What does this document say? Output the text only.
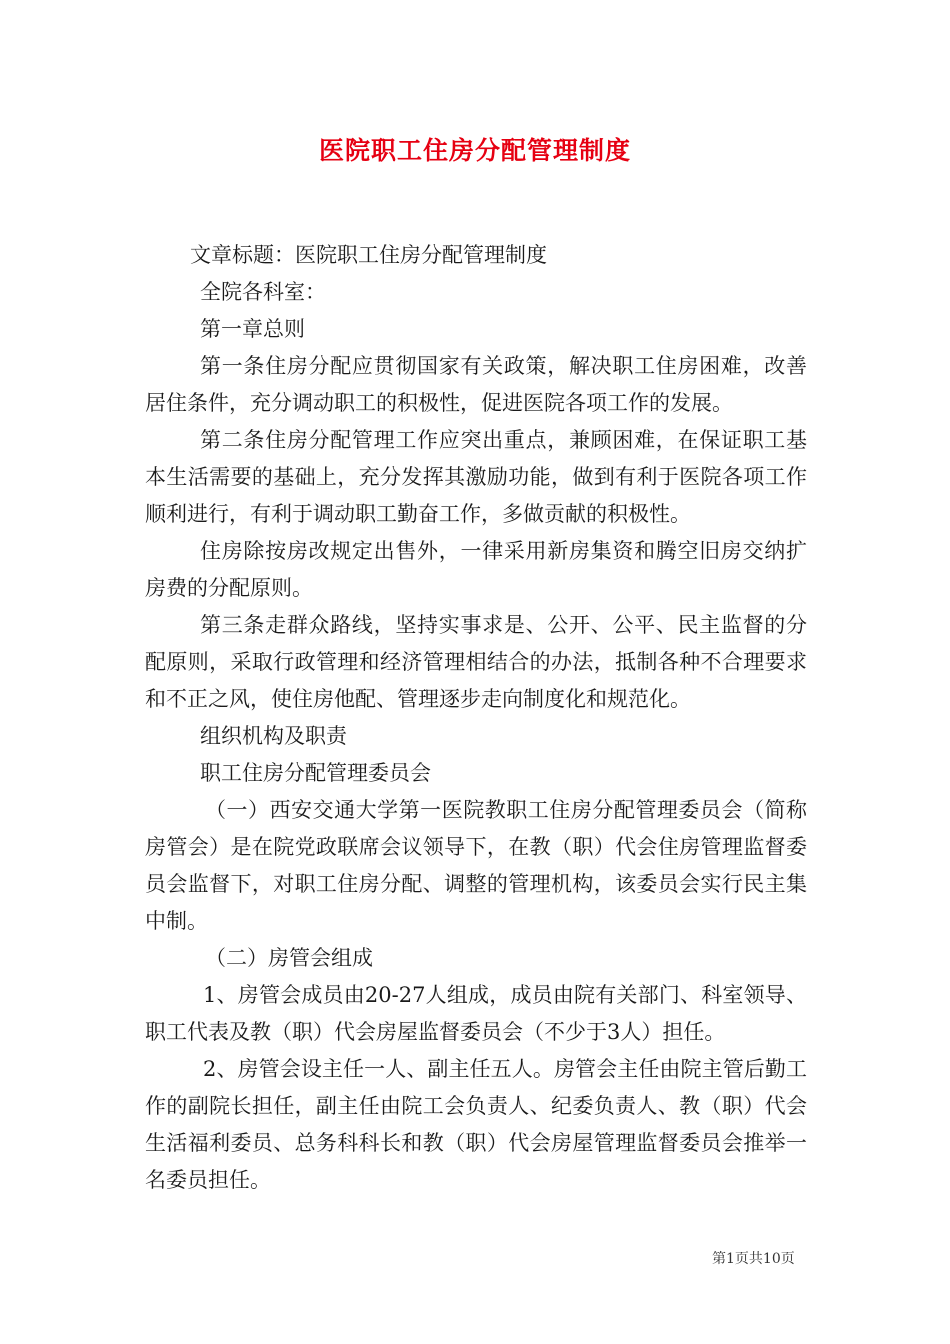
医院职工住房分配管理制度

文章标题：医院职工住房分配管理制度

全院各科室：

第一章总则

第一条住房分配应贯彻国家有关政策，解决职工住房困难，改善居住条件，充分调动职工的积极性，促进医院各项工作的发展。

第二条住房分配管理工作应突出重点，兼顾困难，在保证职工基本生活需要的基础上，充分发挥其激励功能，做到有利于医院各项工作顺利进行，有利于调动职工勤奋工作，多做贡献的积极性。

住房除按房改规定出售外，一律采用新房集资和腾空旧房交纳扩房费的分配原则。

第三条走群众路线，坚持实事求是、公开、公平、民主监督的分配原则，采取行政管理和经济管理相结合的办法，抵制各种不合理要求和不正之风，使住房他配、管理逐步走向制度化和规范化。

组织机构及职责

职工住房分配管理委员会

（一）西安交通大学第一医院教职工住房分配管理委员会（简称房管会）是在院党政联席会议领导下，在教（职）代会住房管理监督委员会监督下，对职工住房分配、调整的管理机构，该委员会实行民主集中制。

（二）房管会组成

1、房管会成员由20-27人组成，成员由院有关部门、科室领导、职工代表及教（职）代会房屋监督委员会（不少于3人）担任。

2、房管会设主任一人、副主任五人。房管会主任由院主管后勤工作的副院长担任，副主任由院工会负责人、纪委负责人、教（职）代会生活福利委员、总务科科长和教（职）代会房屋管理监督委员会推举一名委员担任。

第1页共10页
